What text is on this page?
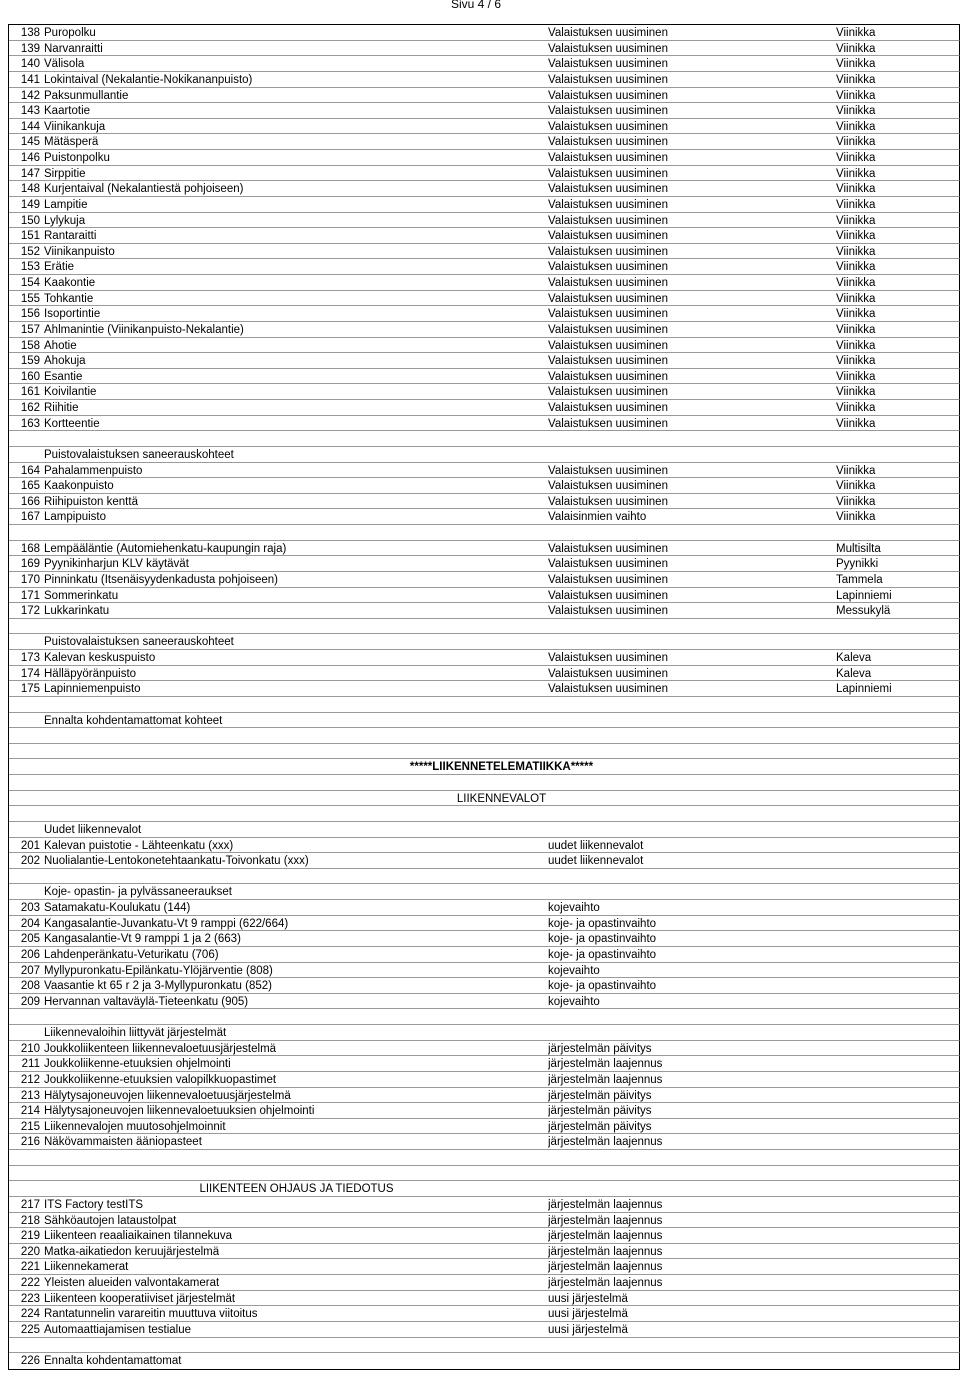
Sivu 4 / 6
138 Puropolku	Valaistuksen uusiminen	Viinikka
139 Narvanraitti	Valaistuksen uusiminen	Viinikka
140 Välisola	Valaistuksen uusiminen	Viinikka
141 Lokintaival (Nekalantie-Nokikananpuisto)	Valaistuksen uusiminen	Viinikka
142 Paksunmullantie	Valaistuksen uusiminen	Viinikka
143 Kaartotie	Valaistuksen uusiminen	Viinikka
144 Viinikankuja	Valaistuksen uusiminen	Viinikka
145 Mätäsperä	Valaistuksen uusiminen	Viinikka
146 Puistonpolku	Valaistuksen uusiminen	Viinikka
147 Sirppitie	Valaistuksen uusiminen	Viinikka
148 Kurjentaival (Nekalantiestä pohjoiseen)	Valaistuksen uusiminen	Viinikka
149 Lampitie	Valaistuksen uusiminen	Viinikka
150 Lylykuja	Valaistuksen uusiminen	Viinikka
151 Rantaraitti	Valaistuksen uusiminen	Viinikka
152 Viinikanpuisto	Valaistuksen uusiminen	Viinikka
153 Erätie	Valaistuksen uusiminen	Viinikka
154 Kaakontie	Valaistuksen uusiminen	Viinikka
155 Tohkantie	Valaistuksen uusiminen	Viinikka
156 Isoportintie	Valaistuksen uusiminen	Viinikka
157 Ahlmanintie (Viinikanpuisto-Nekalantie)	Valaistuksen uusiminen	Viinikka
158 Ahotie	Valaistuksen uusiminen	Viinikka
159 Ahokuja	Valaistuksen uusiminen	Viinikka
160 Esantie	Valaistuksen uusiminen	Viinikka
161 Koivilantie	Valaistuksen uusiminen	Viinikka
162 Riihitie	Valaistuksen uusiminen	Viinikka
163 Kortteentie	Valaistuksen uusiminen	Viinikka
Puistovalaistuksen saneerauskohteet
164 Pahalammenpuisto	Valaistuksen uusiminen	Viinikka
165 Kaakonpuisto	Valaistuksen uusiminen	Viinikka
166 Riihipuiston kenttä	Valaistuksen uusiminen	Viinikka
167 Lampipuisto	Valaisinmien vaihto	Viinikka
168 Lempääläntie (Automiehenkatu-kaupungin raja)	Valaistuksen uusiminen	Multisilta
169 Pyynikinharjun KLV käytävät	Valaistuksen uusiminen	Pyynikki
170 Pinninkatu (Itsenäisyydenkadusta pohjoiseen)	Valaistuksen uusiminen	Tammela
171 Sommerinkatu	Valaistuksen uusiminen	Lapinniemi
172 Lukkarinkatu	Valaistuksen uusiminen	Messukylä
Puistovalaistuksen saneerauskohteet
173 Kalevan keskuspuisto	Valaistuksen uusiminen	Kaleva
174 Hälläpyöränpuisto	Valaistuksen uusiminen	Kaleva
175 Lapinniemenpuisto	Valaistuksen uusiminen	Lapinniemi
Ennalta kohdentamattomat kohteet
*****LIIKENNETELEMATIIKKA*****
LIIKENNEVALOT
Uudet liikennevalot
201 Kalevan puistotie - Lähteenkatu (xxx)	uudet liikennevalot
202 Nuolialantie-Lentokonetehtaankatu-Toivonkatu (xxx)	uudet liikennevalot
Koje- opastin- ja pylvässaneeraukset
203 Satamakatu-Koulukatu (144)	kojevaihto
204 Kangasalantie-Juvankatu-Vt 9 ramppi (622/664)	koje- ja opastinvaihto
205 Kangasalantie-Vt 9 ramppi 1 ja 2 (663)	koje- ja opastinvaihto
206 Lahdenperänkatu-Veturikatu (706)	koje- ja opastinvaihto
207 Myllypuronkatu-Epilänkatu-Ylöjärventie (808)	kojevaihto
208 Vaasantie kt 65 r 2 ja 3-Myllypuronkatu (852)	koje- ja opastinvaihto
209 Hervannan valtaväylä-Tieteenkatu (905)	kojevaihto
Liikennevaloihin liittyvät järjestelmät
210 Joukkoliikenteen liikennevaloetuusjärjestelmä	järjestelmän päivitys
211 Joukkoliikenne-etuuksien ohjelmointi	järjestelmän laajennus
212 Joukkoliikenne-etuuksien valopilkkuopastimet	järjestelmän laajennus
213 Hälytysajoneuvojen liikennevaloetuusjärjestelmä	järjestelmän päivitys
214 Hälytysajoneuvojen liikennevaloetuuksien ohjelmointi	järjestelmän päivitys
215 Liikennevalojen muutosohjelmoinnit	järjestelmän päivitys
216 Näkövammaisten ääniopasteet	järjestelmän laajennus
LIIKENTEEN OHJAUS JA TIEDOTUS
217 ITS Factory testITS	järjestelmän laajennus
218 Sähköautojen lataustolpat	järjestelmän laajennus
219 Liikenteen reaaliaikainen tilannekuva	järjestelmän laajennus
220 Matka-aikatiedon keruujärjestelmä	järjestelmän laajennus
221 Liikennekamerat	järjestelmän laajennus
222 Yleisten alueiden valvontakamerat	järjestelmän laajennus
223 Liikenteen kooperatiiviset järjestelmät	uusi järjestelmä
224 Rantatunnelin varareitin muuttuva viitoitus	uusi järjestelmä
225 Automaattiajamisen testialue	uusi järjestelmä
226 Ennalta kohdentamattomat
